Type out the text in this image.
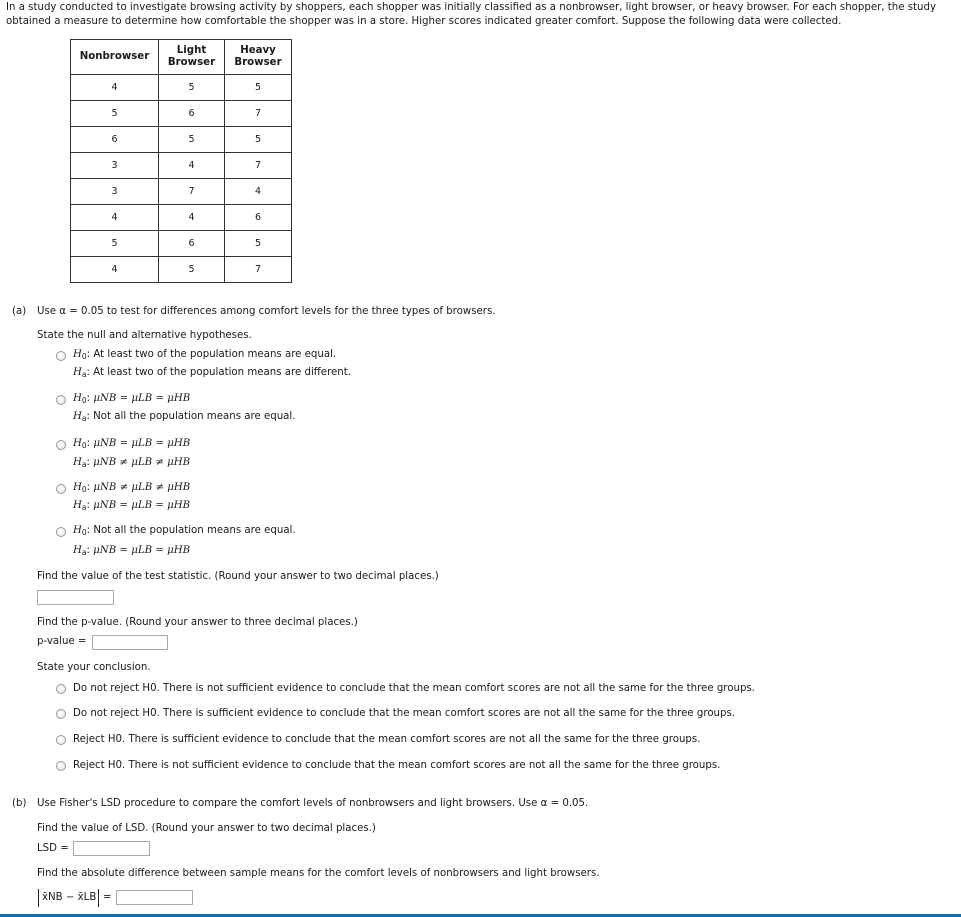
In a study conducted to investigate browsing activity by shoppers, each shopper was initially classified as a nonbrowser, light browser, or heavy browser. For each shopper, the study obtained a measure to determine how comfortable the shopper was in a store. Higher scores indicated greater comfort. Suppose the following data were collected.
Nonbrowser	Light Browser	Heavy Browser
4	5	5
5	6	7
6	5	5
3	4	7
3	7	4
4	4	6
5	6	5
4	5	7
(a) Use α = 0.05 to test for differences among comfort levels for the three types of browsers.
State the null and alternative hypotheses.
$H_0$: At least two of the population means are equal.
$H_a$: At least two of the population means are different.
$H_0$: μNB = μLB = μHB
$H_a$: Not all the population means are equal.
$H_0$: μNB = μLB = μHB
$H_a$: μNB ≠ μLB ≠ μHB
$H_0$: μNB ≠ μLB ≠ μHB
$H_a$: μNB = μLB = μHB
$H_0$: Not all the population means are equal.
$H_a$: μNB = μLB = μHB
Find the value of the test statistic. (Round your answer to two decimal places.)
Find the p-value. (Round your answer to three decimal places.)
p-value =
State your conclusion.
Do not reject H0. There is not sufficient evidence to conclude that the mean comfort scores are not all the same for the three groups.
Do not reject H0. There is sufficient evidence to conclude that the mean comfort scores are not all the same for the three groups.
Reject H0. There is sufficient evidence to conclude that the mean comfort scores are not all the same for the three groups.
Reject H0. There is not sufficient evidence to conclude that the mean comfort scores are not all the same for the three groups.
(b) Use Fisher's LSD procedure to compare the comfort levels of nonbrowsers and light browsers. Use α = 0.05.
Find the value of LSD. (Round your answer to two decimal places.)
LSD =
Find the absolute difference between sample means for the comfort levels of nonbrowsers and light browsers.
x̄NB − x̄LB =
